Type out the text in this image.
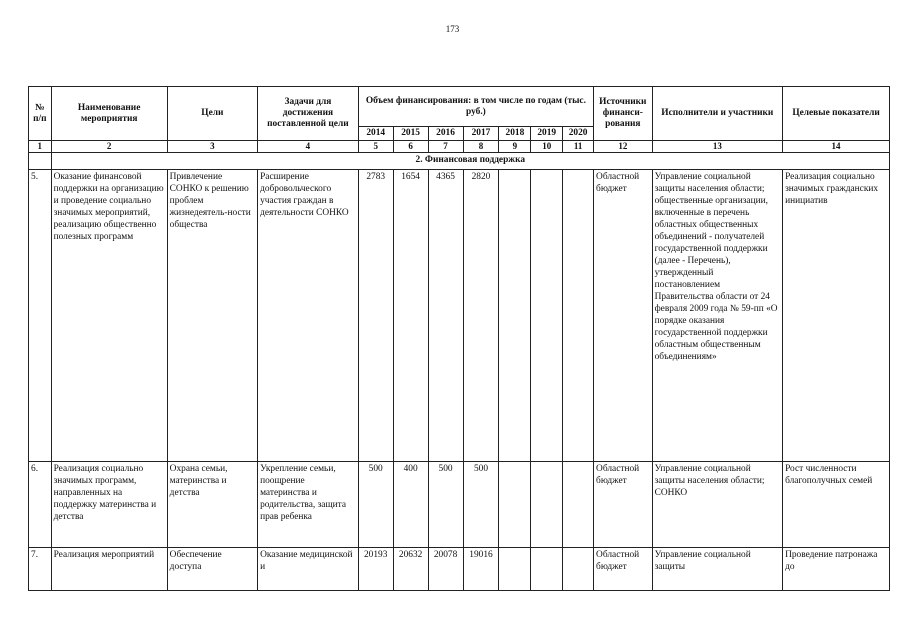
173
№ п/п	Наименование мероприятия	Цели	Задачи для достижения поставленной цели	Объем финансирования: в том числе по годам (тыс. руб.)							Источники финанси-рования	Исполнители и участники	Целевые показатели
				2014	2015	2016	2017	2018	2019	2020			
1	2	3	4	5	6	7	8	9	10	11	12	13	14
	2. Финансовая поддержка												
5.	Оказание финансовой поддержки на организацию и проведение социально значимых мероприятий, реализацию общественно полезных программ	Привлечение СОНКО к решению проблем жизнедеятель-ности общества	Расширение добровольческого участия граждан в деятельности СОНКО	2783	1654	4365	2820				Областной бюджет	Управление социальной защиты населения области; общественные организации, включенные в перечень областных общественных объединений - получателей государственной поддержки (далее - Перечень), утвержденный постановлением Правительства области от 24 февраля 2009 года № 59-пп «О порядке оказания государственной поддержки областным общественным объединениям»	Реализация социально значимых гражданских инициатив
6.	Реализация социально значимых программ, направленных на поддержку материнства и детства	Охрана семьи, материнства и детства	Укрепление семьи, поощрение материнства и родительства, защита прав ребенка	500	400	500	500				Областной бюджет	Управление социальной защиты населения области; СОНКО	Рост численности благополучных семей
7.	Реализация мероприятий	Обеспечение доступа	Оказание медицинской и	20193	20632	20078	19016				Областной бюджет	Управление социальной защиты	Проведение патронажа до
